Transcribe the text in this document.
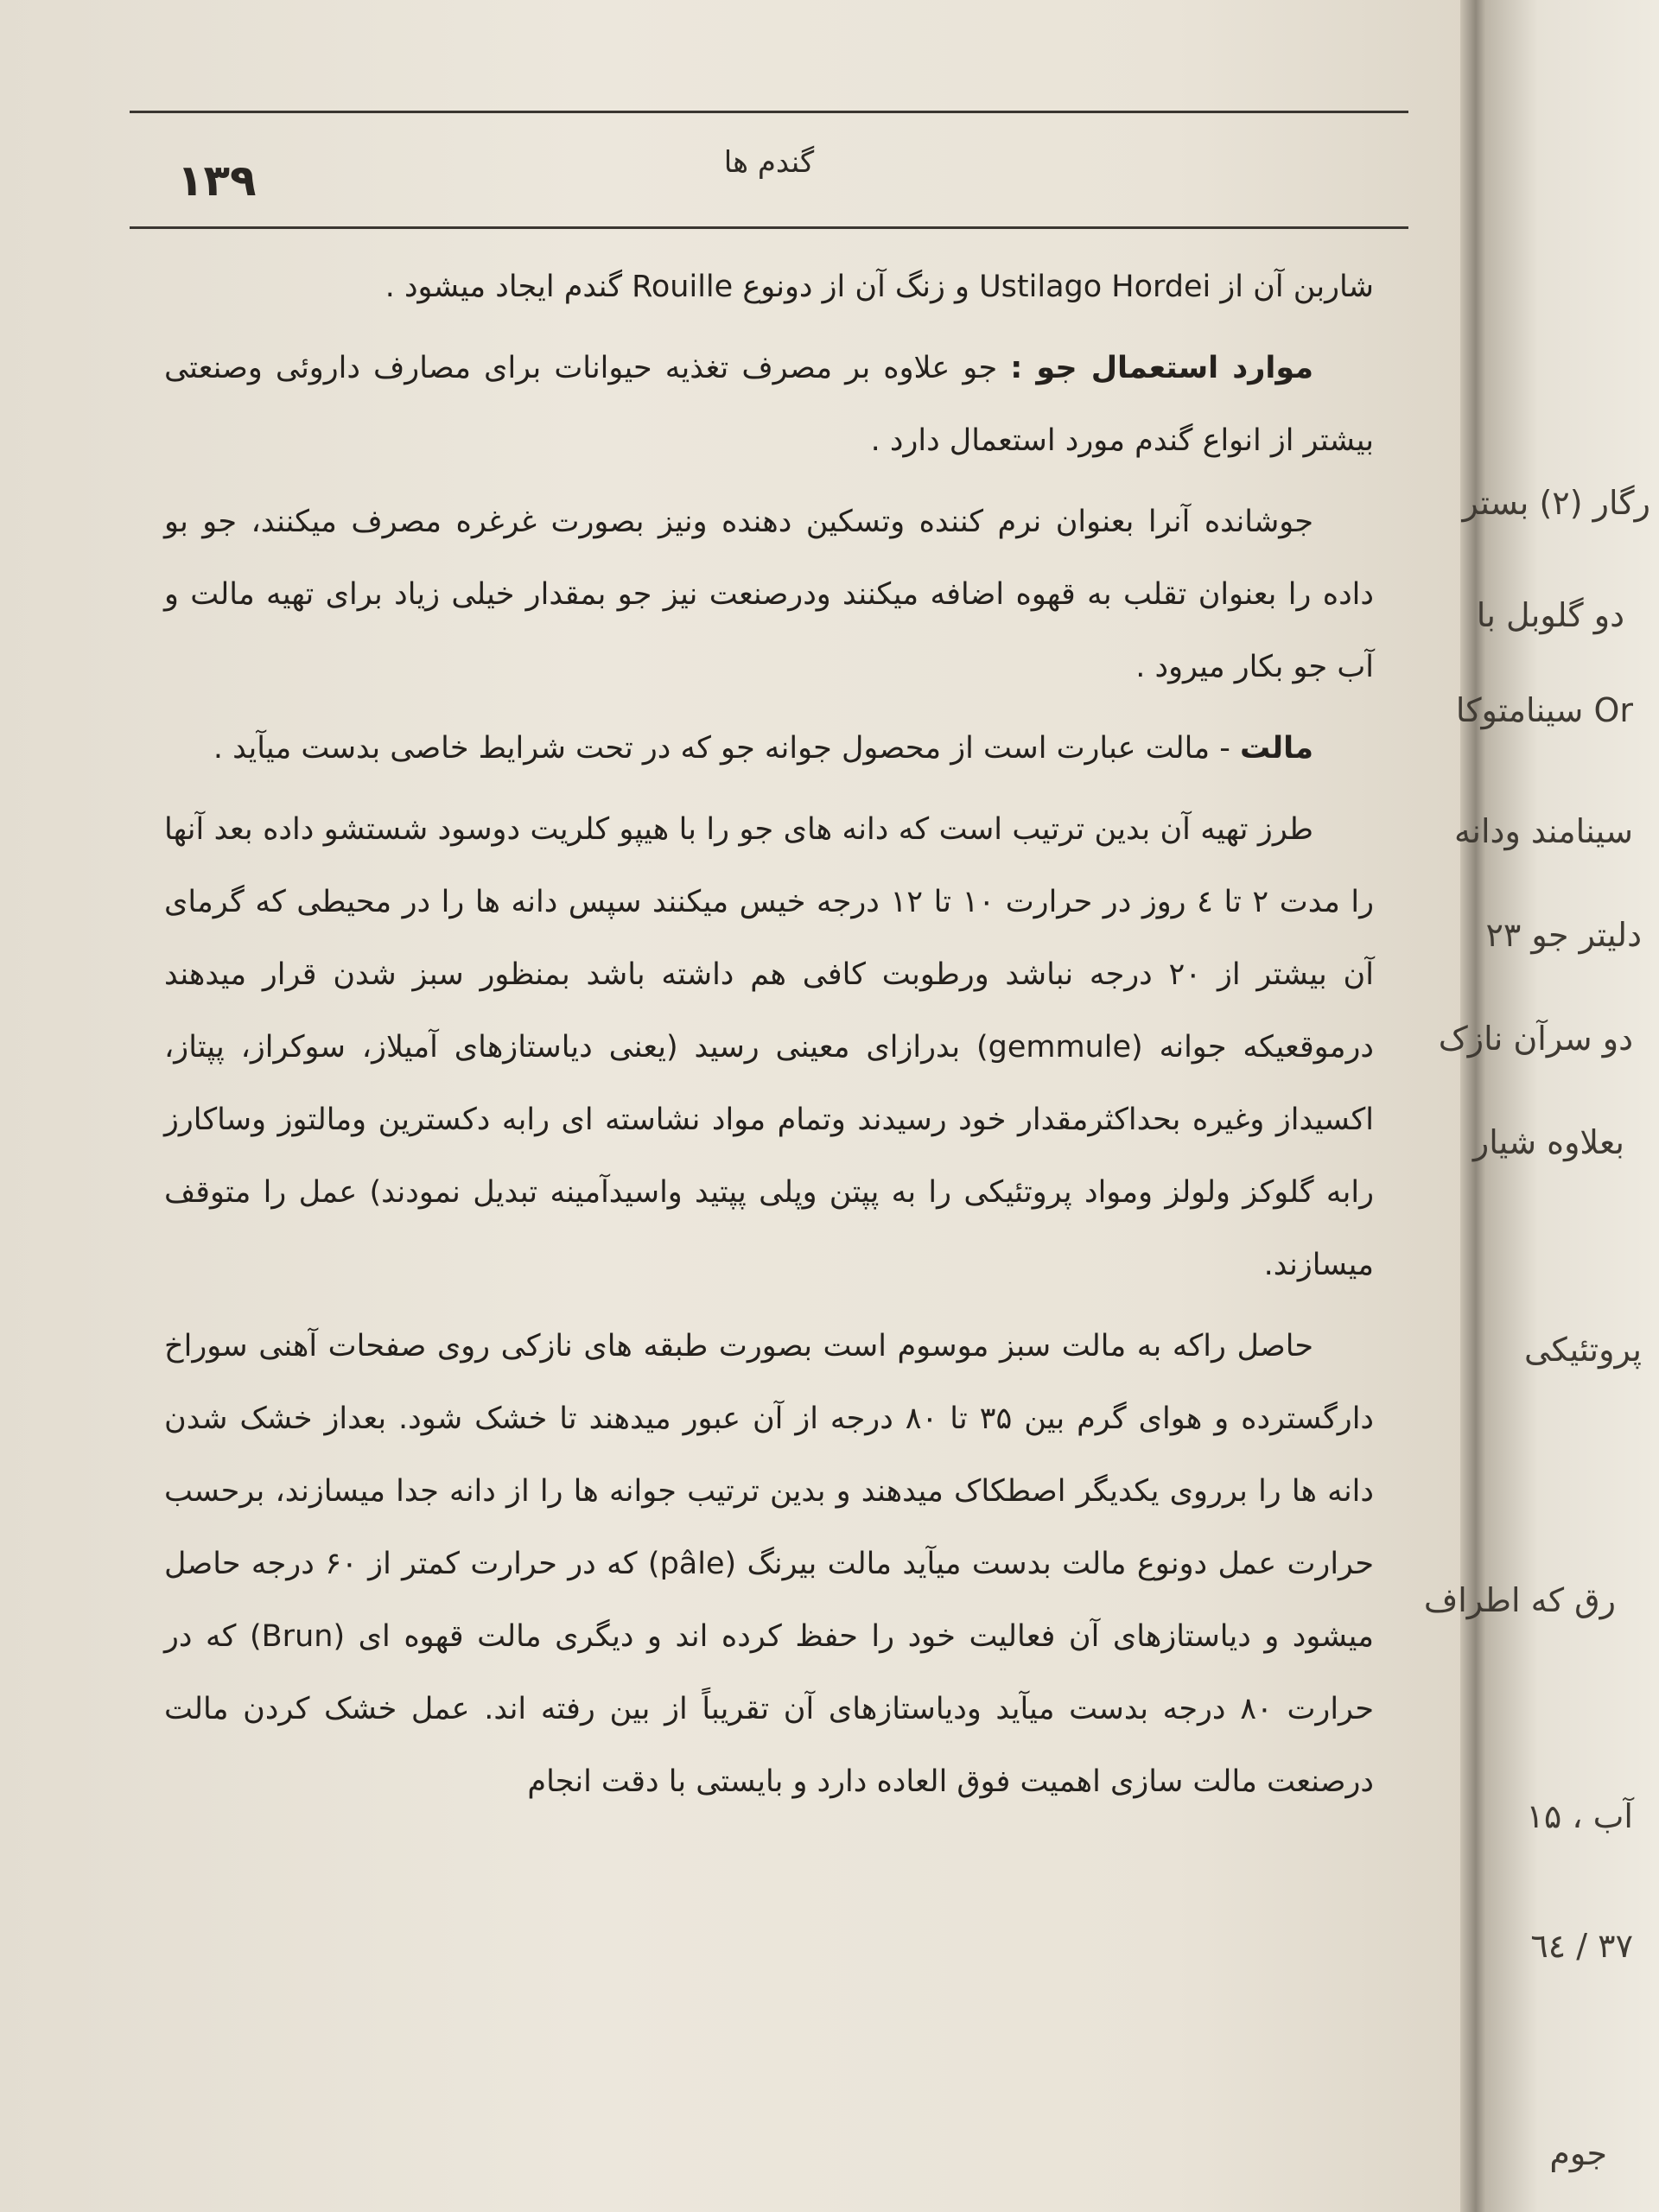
۱۳۹	گندم ها

شاربن آن از Ustilago Hordei و زنگ آن از دونوع Rouille گندم ایجاد میشود .

موارد استعمال جو : جو علاوه بر مصرف تغذیه حیوانات برای مصارف داروئی وصنعتی بیشتر از انواع گندم مورد استعمال دارد .

جوشانده آنرا بعنوان نرم کننده وتسکین دهنده ونیز بصورت غرغره مصرف میکنند، جو بو داده را بعنوان تقلب به قهوه اضافه میکنند ودرصنعت نیز جو بمقدار خیلی زیاد برای تهیه مالت و آب جو بکار میرود .

مالت - مالت عبارت است از محصول جوانه جو که در تحت شرایط خاصی بدست میآید .

طرز تهیه آن بدین ترتیب است که دانه های جو را با هیپو کلریت دوسود شستشو داده بعد آنها را مدت ۲ تا ٤ روز در حرارت ۱۰ تا ۱۲ درجه خیس میکنند سپس دانه ها را در محیطی که گرمای آن بیشتر از ۲۰ درجه نباشد ورطوبت کافی هم داشته باشد بمنظور سبز شدن قرار میدهند درموقعیکه جوانه (gemmule) بدرازای معینی رسید (یعنی دیاستازهای آمیلاز، سوکراز، پپتاز، اکسیداز وغیره بحداکثرمقدار خود رسیدند وتمام مواد نشاسته ای رابه دکسترین ومالتوز وساکارز رابه گلوکز ولولز ومواد پروتئیکی را به پپتن وپلی پپتید واسیدآمینه تبدیل نمودند) عمل را متوقف میسازند.

حاصل راکه به مالت سبز موسوم است بصورت طبقه های نازکی روی صفحات آهنی سوراخ دارگسترده و هوای گرم بین ۳۵ تا ۸۰ درجه از آن عبور میدهند تا خشک شود. بعداز خشک شدن دانه ها را برروی یکدیگر اصطکاک میدهند و بدین ترتیب جوانه ها را از دانه جدا میسازند، برحسب حرارت عمل دونوع مالت بدست میآید مالت بیرنگ (pâle) که در حرارت کمتر از ۶۰ درجه حاصل میشود و دیاستازهای آن فعالیت خود را حفظ کرده اند و دیگری مالت قهوه ای (Brun) که در حرارت ۸۰ درجه بدست میآید ودیاستازهای آن تقریباً از بین رفته اند. عمل خشک کردن مالت درصنعت مالت سازی اهمیت فوق العاده دارد و بایستی با دقت انجام

رگار (۲) بستر
دو گلوبل با
Or سینامتوکا
سینامند ودانه
دلیتر جو ۲۳
دو سرآن نازک
بعلاوه شیار
پروتئیکی
رق که اطراف
آب ، ۱۵
۳۷ / ٦٤
جوم
